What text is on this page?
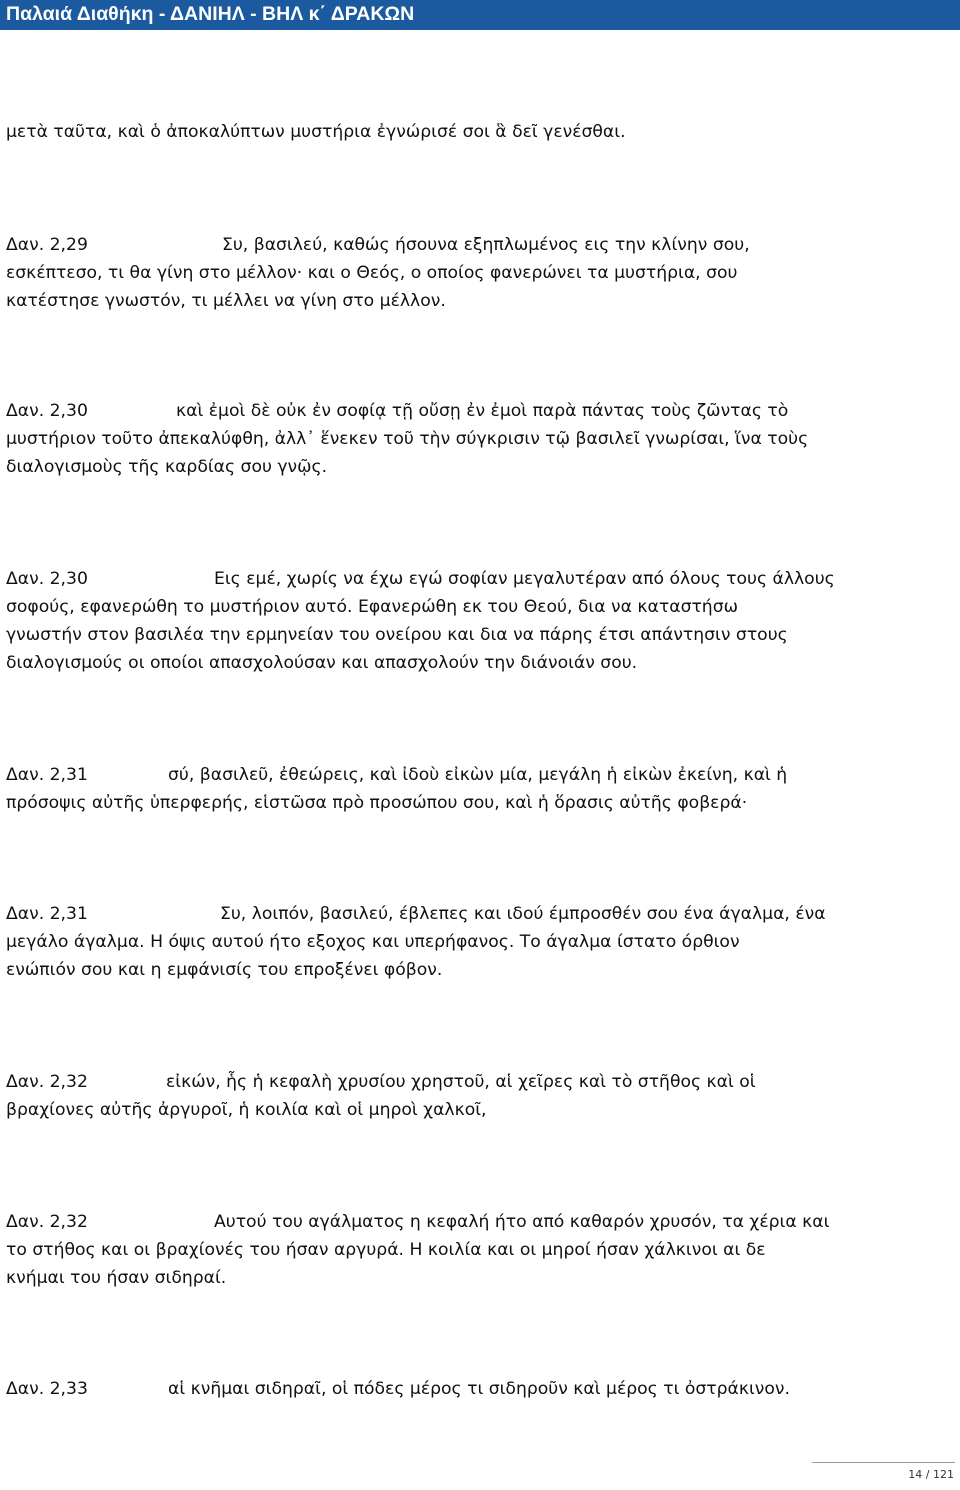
Παλαιά Διαθήκη - ΔΑΝΙΗΛ - ΒΗΛ κ΄ ΔΡΑΚΩΝ
μετὰ ταῦτα, καὶ ὁ ἀποκαλύπτων μυστήρια ἐγνώρισέ σοι ἃ δεῖ γενέσθαι.
Δαν. 2,29	Συ, βασιλεύ, καθώς ήσουνα εξηπλωμένος εις την κλίνην σου,
εσκέπτεσο, τι θα γίνη στο μέλλον· και ο Θεός, ο οποίος φανερώνει τα μυστήρια, σου
κατέστησε γνωστόν, τι μέλλει να γίνη στο μέλλον.
Δαν. 2,30	καὶ ἐμοὶ δὲ οὐκ ἐν σοφίᾳ τῇ οὔσῃ ἐν ἐμοὶ παρὰ πάντας τοὺς ζῶντας τὸ
μυστήριον τοῦτο ἀπεκαλύφθη, ἀλλ᾿ ἕνεκεν τοῦ τὴν σύγκρισιν τῷ βασιλεῖ γνωρίσαι, ἵνα τοὺς
διαλογισμοὺς τῆς καρδίας σου γνῷς.
Δαν. 2,30	Εις εμέ, χωρίς να έχω εγώ σοφίαν μεγαλυτέραν από όλους τους άλλους
σοφούς, εφανερώθη το μυστήριον αυτό. Εφανερώθη εκ του Θεού, δια να καταστήσω
γνωστήν στον βασιλέα την ερμηνείαν του ονείρου και δια να πάρης έτσι απάντησιν στους
διαλογισμούς οι οποίοι απασχολούσαν και απασχολούν την διάνοιάν σου.
Δαν. 2,31	σύ, βασιλεῦ, ἐθεώρεις, καὶ ἰδοὺ εἰκὼν μία, μεγάλη ἡ εἰκὼν ἐκείνη, καὶ ἡ
πρόσοψις αὐτῆς ὑπερφερής, εἱστῶσα πρὸ προσώπου σου, καὶ ἡ ὅρασις αὐτῆς φοβερά·
Δαν. 2,31	Συ, λοιπόν, βασιλεύ, έβλεπες και ιδού έμπροσθέν σου ένα άγαλμα, ένα
μεγάλο άγαλμα. Η όψις αυτού ήτο εξοχος και υπερήφανος. Το άγαλμα ίστατο όρθιον
ενώπιόν σου και η εμφάνισίς του επροξένει φόβον.
Δαν. 2,32	εἰκών, ἧς ἡ κεφαλὴ χρυσίου χρηστοῦ, αἱ χεῖρες καὶ τὸ στῆθος καὶ οἱ
βραχίονες αὐτῆς ἀργυροῖ, ἡ κοιλία καὶ οἱ μηροὶ χαλκοῖ,
Δαν. 2,32	Αυτού του αγάλματος η κεφαλή ήτο από καθαρόν χρυσόν, τα χέρια και
το στήθος και οι βραχίονές του ήσαν αργυρά. Η κοιλία και οι μηροί ήσαν χάλκινοι αι δε
κνήμαι του ήσαν σιδηραί.
Δαν. 2,33	αἱ κνῆμαι σιδηραῖ, οἱ πόδες μέρος τι σιδηροῦν καὶ μέρος τι ὀστράκινον.
14 / 121
